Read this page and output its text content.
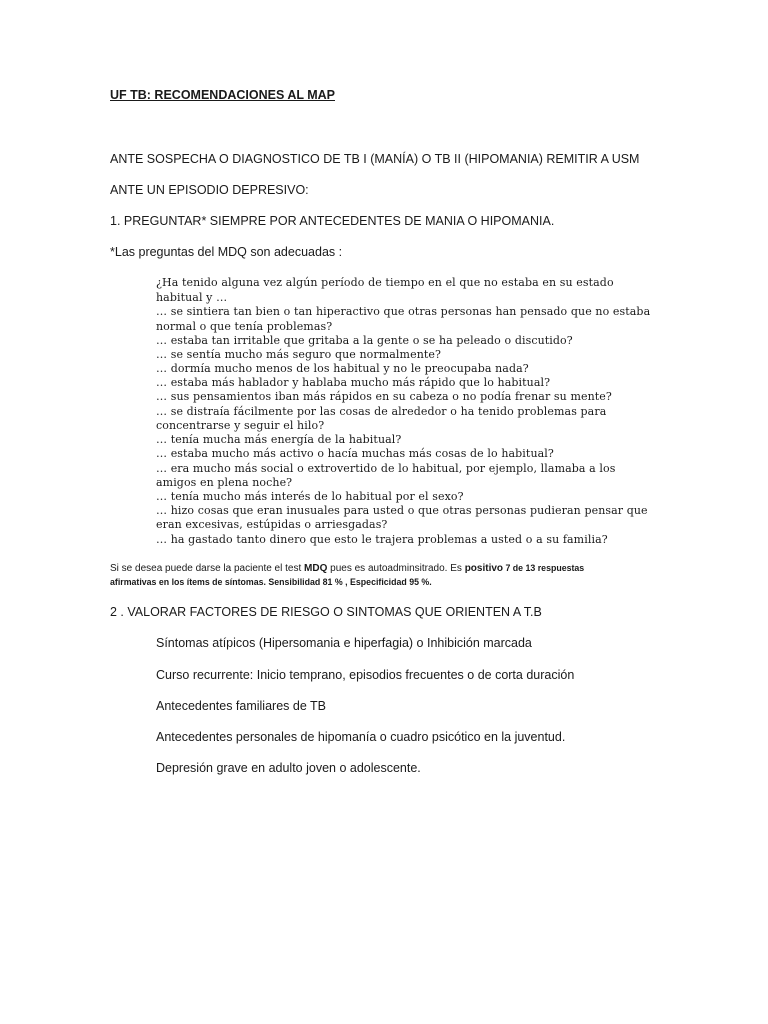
UF TB: RECOMENDACIONES AL MAP
ANTE SOSPECHA O DIAGNOSTICO DE TB I (MANÍA) O TB II (HIPOMANIA) REMITIR A USM
ANTE UN EPISODIO DEPRESIVO:
1. PREGUNTAR* SIEMPRE POR ANTECEDENTES DE MANIA O HIPOMANIA.
*Las preguntas del MDQ son adecuadas :
¿Ha tenido alguna vez algún período de tiempo en el que no estaba en su estado
habitual y …
… se sintiera tan bien o tan hiperactivo que otras personas han pensado que no estaba
normal o que tenía problemas?
… estaba tan irritable que gritaba a la gente o se ha peleado o discutido?
… se sentía mucho más seguro que normalmente?
… dormía mucho menos de los habitual y no le preocupaba nada?
… estaba más hablador y hablaba mucho más rápido que lo habitual?
… sus pensamientos iban más rápidos en su cabeza o no podía frenar su mente?
… se distraía fácilmente por las cosas de alrededor o ha tenido problemas para
concentrarse y seguir el hilo?
… tenía mucha más energía de la habitual?
… estaba mucho más activo o hacía muchas más cosas de lo habitual?
… era mucho más social o extrovertido de lo habitual, por ejemplo, llamaba a los
amigos en plena noche?
… tenía mucho más interés de lo habitual por el sexo?
… hizo cosas que eran inusuales para usted o que otras personas pudieran pensar que
eran excesivas, estúpidas o arriesgadas?
… ha gastado tanto dinero que esto le trajera problemas a usted o a su familia?
Si se desea puede darse la paciente el test MDQ pues es autoadminsitrado. Es positivo 7 de 13 respuestas
afirmativas en los ítems de síntomas. Sensibilidad 81 % , Especificidad 95 %.
2 . VALORAR FACTORES DE RIESGO O SINTOMAS QUE ORIENTEN A T.B
Síntomas atípicos (Hipersomania e hiperfagia) o Inhibición marcada
Curso recurrente: Inicio temprano, episodios frecuentes o de corta duración
Antecedentes familiares de TB
Antecedentes personales de hipomanía o cuadro psicótico en la juventud.
Depresión grave en adulto joven o adolescente.
